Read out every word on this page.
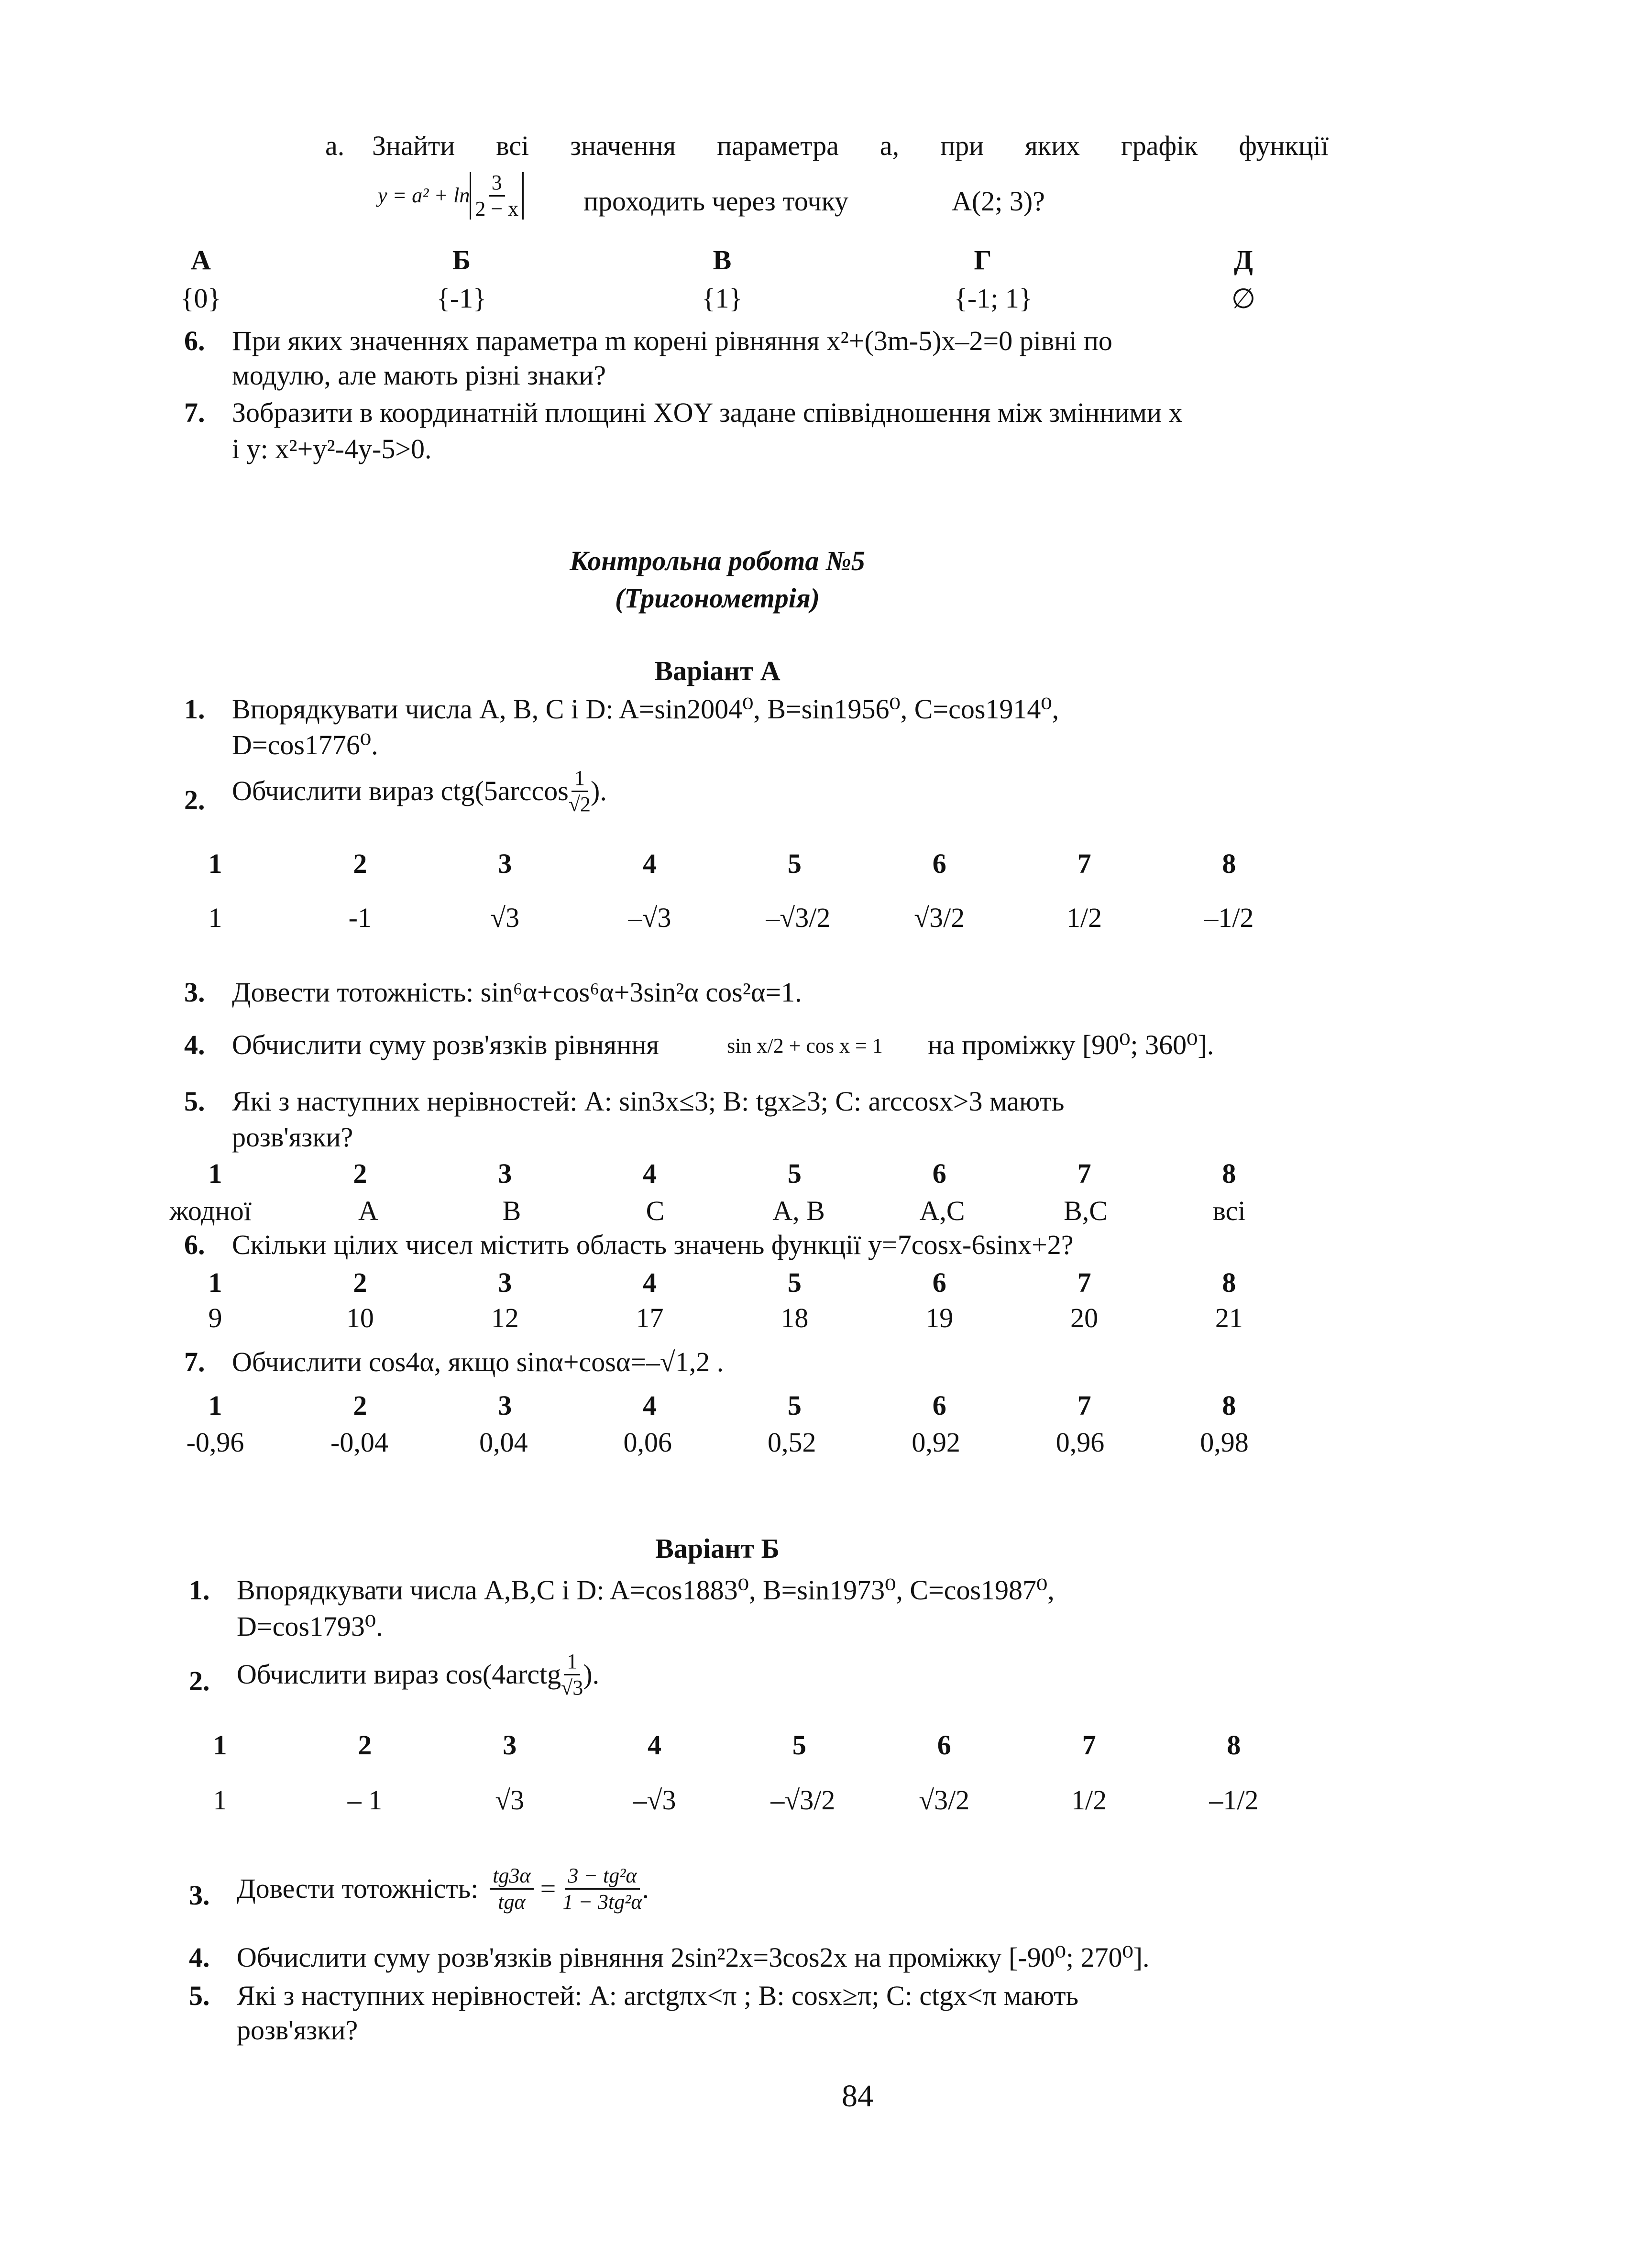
а. Знайти всі значення параметра a, при яких графік функції
$y = a^2 + \ln \frac{3}{2 - x}$ проходить через точку	A(2; 3)?
А	Б	В	Г	Д
{0}	{-1}	{1}	{-1; 1}	∅
6. При яких значеннях параметра m корені рівняння x²+(3m-5)x–2=0 рівні по
модулю, але мають різні знаки?
7. Зобразити в координатній площині XOY задане співвідношення між змінними x
і y: x²+y²-4y-5>0.
Контрольна робота №5
(Тригонометрія)
Варіант А
1. Впорядкувати числа A, B, C і D: A=sin2004⁰, B=sin1956⁰, C=cos1914⁰,
D=cos1776⁰.
2. Обчислити вираз $ctg(5\arccos \frac{1}{√2}$ ).
1	2	3	4	5	6	7	8
1	-1	√3	–√3	–√3/2	√3/2	1/2	–1/2
3. Довести тотожність: sin⁶α+cos⁶α+3sin²α cos²α=1.
4. Обчислити суму розв'язків рівняння	sin x/2 + cos x = 1 на проміжку [90⁰; 360⁰].
5. Які з наступних нерівностей: A: sin3x≤3; B: tgx≥3; C: arccosx>3 мають
розв'язки?
1	2	3	4	5	6	7	8
жодної	A	B	C	A, B	A,C	B,C	всі
6. Скільки цілих чисел містить область значень функції y=7cosx-6sinx+2?
1	2	3	4	5	6	7	8
9	10	12	17	18	19	20	21
7. Обчислити cos4α, якщо sinα+cosα=–√1,2 .
1	2	3	4	5	6	7	8
-0,96	-0,04	0,04	0,06	0,52	0,92	0,96	0,98
Варіант Б
1. Впорядкувати числа A,B,C і D: A=cos1883⁰, B=sin1973⁰, C=cos1987⁰,
D=cos1793⁰.
2. Обчислити вираз cos(4arctg $\frac{1}{√3}$ ).
1	2	3	4	5	6	7	8
1	– 1	√3	–√3	–√3/2	√3/2	1/2	–1/2
3. Довести тотожність: $\frac{tg3\alpha}{\text{tgα}} = \frac{\text{3 − tg²α}}{\text{1 − 3tg²α}}$ .
4. Обчислити суму розв'язків рівняння 2sin²2x=3cos2x на проміжку [-90⁰; 270⁰].
5. Які з наступних нерівностей: A: arctgπx<π ; B: cosx≥π; C: ctgx<π мають
розв'язки?
84
